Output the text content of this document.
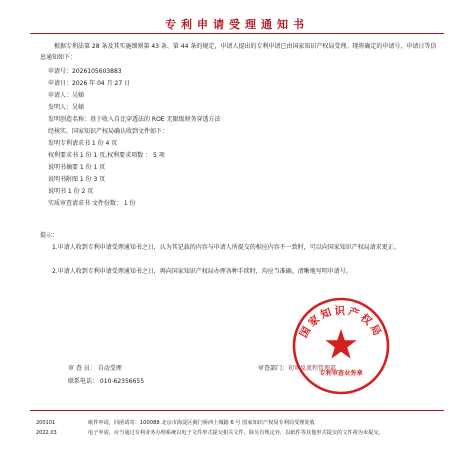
专利申请受理通知书
根据专利法第 28 条及其实施细则第 43 条、第 44 条的规定，申请人提出的专利申请已由国家知识产权局受理。现将确定的申请号、申请日等信息通知如下：
申请号：2026105603883
申请日：2026 年 04 月 27 日
申请人：吴娣
发明人：吴娣
发明创造名称：基于收入自比穿透法的 ROE 无限级财务穿透方法
经核实，国家知识产权局确认收到文件如下：
发明专利请求书 1 份 4 页
权利要求书 1 份 1 页,权利要求项数 ： 5 项
说明书摘要 1 份 1 页
说明书附图 1 份 3 页
说明书 1 份 2 页
实质审查请求书 文件份数： 1 份
提示：
1.申请人收到专利申请受理通知书之日，认为其记载的内容与申请人所提交的相应内容不一致时，可以向国家知识产权局请求更正。
2.申请人收到专利申请受理通知书之日，再向国家知识产权局办理各种手续时，均应当准确、清晰地写明申请号。
国家知识产权局
专利审查业务章
审 查 员： 自动受理
联系电话： 010-62356655
审查部门：初审及流程管理部
200101
2022.03
纸件申请，回函请寄：100088 北京市海淀区蓟门桥西土城路 6 号 国家知识产权局专利局受理处收
电子申请，应当通过专利业务办理系统以电子文件形式提交相关文件。除另有规定外，以纸件等其他形式提交的文件视为未提交。
